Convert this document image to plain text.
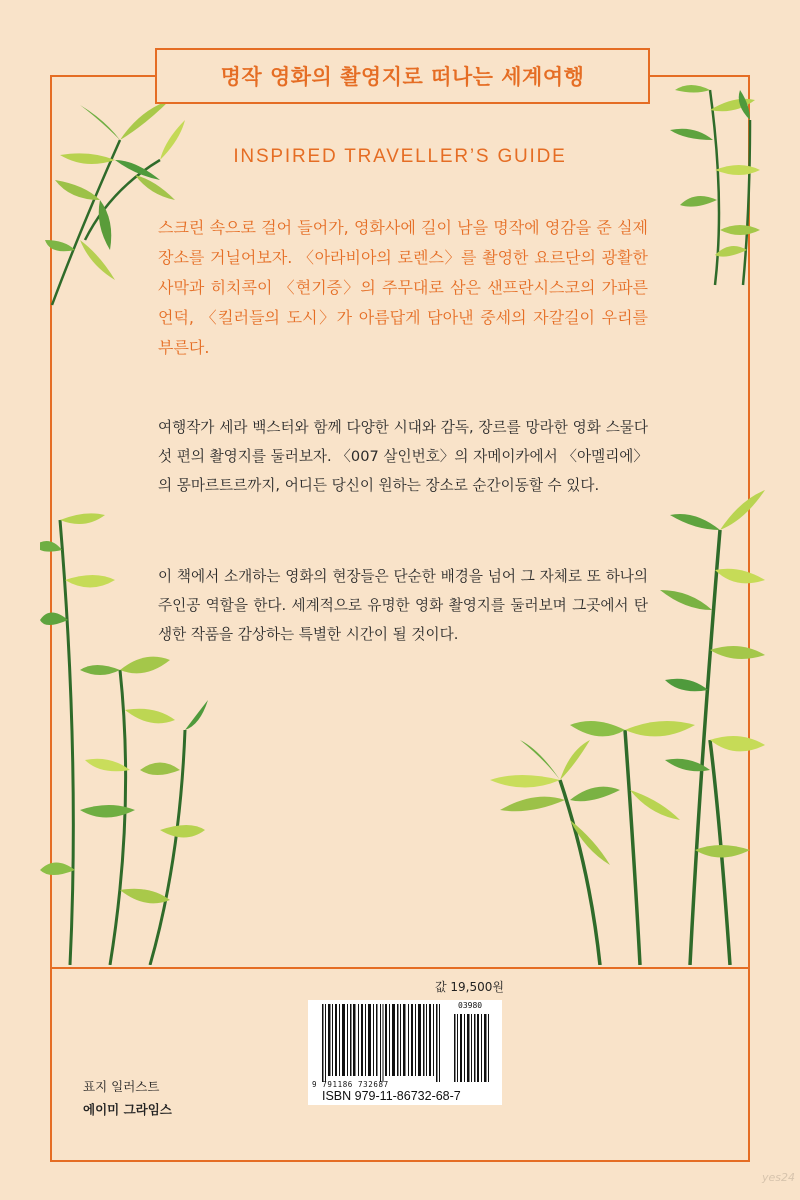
명작 영화의 촬영지로 떠나는 세계여행
INSPIRED TRAVELLER’S GUIDE

스크린 속으로 걸어 들어가, 영화사에 길이 남을 명작에 영감을 준 실제 장소를 거닐어보자. 〈아라비아의 로렌스〉를 촬영한 요르단의 광활한 사막과 히치콕이 〈현기증〉의 주무대로 삼은 샌프란시스코의 가파른 언덕, 〈킬러들의 도시〉가 아름답게 담아낸 중세의 자갈길이 우리를 부른다.

여행작가 세라 백스터와 함께 다양한 시대와 감독, 장르를 망라한 영화 스물다섯 편의 촬영지를 둘러보자. 〈007 살인번호〉의 자메이카에서 〈아멜리에〉의 몽마르트르까지, 어디든 당신이 원하는 장소로 순간이동할 수 있다.

이 책에서 소개하는 영화의 현장들은 단순한 배경을 넘어 그 자체로 또 하나의 주인공 역할을 한다. 세계적으로 유명한 영화 촬영지를 둘러보며 그곳에서 탄생한 작품을 감상하는 특별한 시간이 될 것이다.

값 19,500원
03980
9 791186 732687
ISBN 979-11-86732-68-7
표지 일러스트
에이미 그라임스
yes24
